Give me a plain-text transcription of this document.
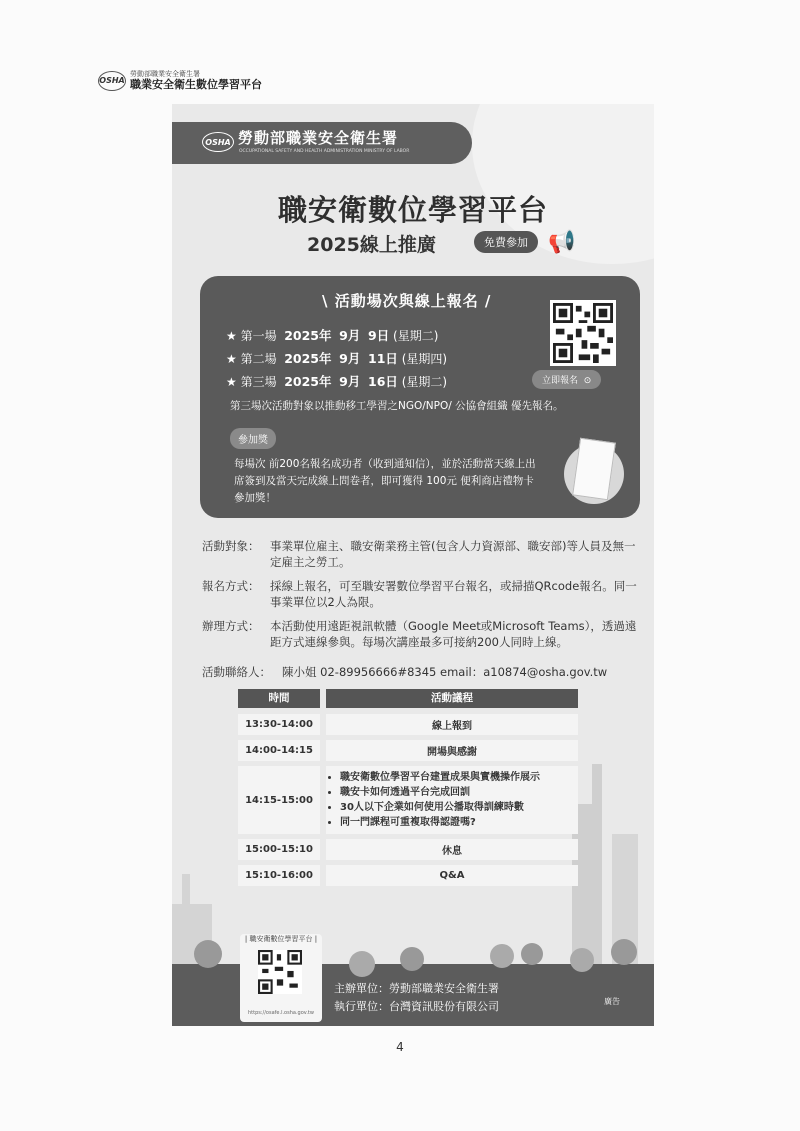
OSHA
勞動部職業安全衛生署
職業安全衛生數位學習平台
OSHA 勞動部職業安全衛生署
OCCUPATIONAL SAFETY AND HEALTH ADMINISTRATION MINISTRY OF LABOR
職安衛數位學習平台
2025線上推廣	免費參加 📢
\ 活動場次與線上報名 /
★ 第一場 2025年 9月 9日 (星期二)
★ 第二場 2025年 9月 11日 (星期四)
★ 第三場 2025年 9月 16日 (星期二)	立即報名  ⊙
第三場次活動對象以推動移工學習之NGO/NPO/ 公協會組織 優先報名。
參加獎
每場次 前200名報名成功者（收到通知信），並於活動當天線上出席簽到及當天完成線上問卷者，即可獲得 100元 便利商店禮物卡 參加獎！
活動對象： 事業單位雇主、職安衛業務主管(包含人力資源部、職安部)等人員及無一定雇主之勞工。
報名方式： 採線上報名，可至職安署數位學習平台報名，或掃描QRcode報名。同一事業單位以2人為限。
辦理方式： 本活動使用遠距視訊軟體（Google Meet或Microsoft Teams），透過遠距方式連線參與。每場次講座最多可接納200人同時上線。
活動聯絡人： 陳小姐 02-89956666#8345 email：a10874@osha.gov.tw
時間	活動議程
13:30-14:00	線上報到
14:00-14:15	開場與感謝
14:15-15:00
• 職安衛數位學習平台建置成果與實機操作展示
• 職安卡如何透過平台完成回訓
• 30人以下企業如何使用公播取得訓練時數
• 同一門課程可重複取得認證嗎?
15:00-15:10	休息
15:10-16:00	Q&A
| 職安衛數位學習平台 |
https://osafe.l.osha.gov.tw
主辦單位：勞動部職業安全衛生署
執行單位：台灣資訊股份有限公司	廣告
4
